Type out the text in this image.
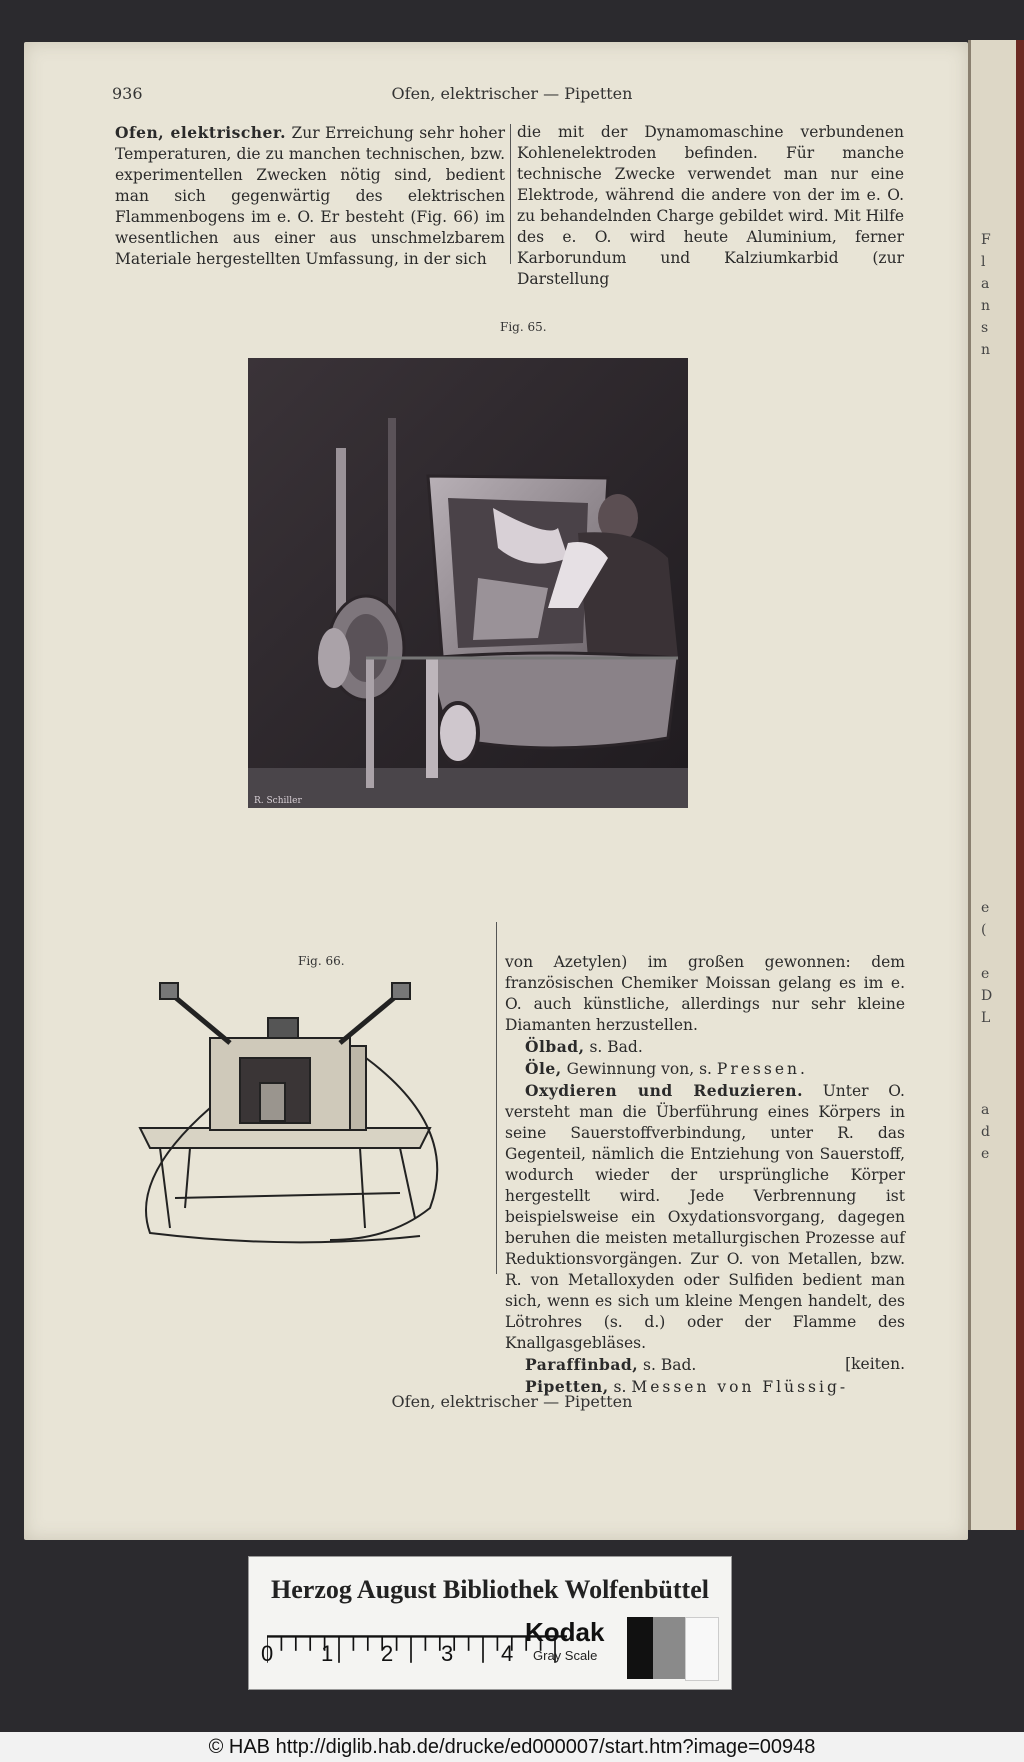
F
l
a
n
s
n
e
(
e
D
L
a
d
e
936	Ofen, elektrischer — Pipetten

Ofen, elektrischer. Zur Erreichung sehr hoher Temperaturen, die zu manchen technischen, bzw. experimentellen Zwecken nötig sind, bedient man sich gegenwärtig des elektrischen Flammenbogens im e. O. Er besteht (Fig. 66) im wesentlichen aus einer aus unschmelzbarem Materiale hergestellten Umfassung, in der sich

die mit der Dynamomaschine verbundenen Kohlenelektroden befinden. Für manche technische Zwecke verwendet man nur eine Elektrode, während die andere von der im e. O. zu behandelnden Charge gebildet wird. Mit Hilfe des e. O. wird heute Aluminium, ferner Karborundum und Kalziumkarbid (zur Darstellung

Fig. 65.
R. Schiller
Fig. 66.	von Azetylen) im großen gewonnen: dem französischen Chemiker Moissan gelang es im e. O. auch künstliche, allerdings nur sehr kleine Diamanten herzustellen.

Ölbad, s. Bad.

Öle, Gewinnung von, s. Pressen.

Oxydieren und Reduzieren. Unter O. versteht man die Überführung eines Körpers in seine Sauerstoffverbindung, unter R. das Gegenteil, nämlich die Entziehung von Sauerstoff, wodurch wieder der ursprüngliche Körper hergestellt wird. Jede Verbrennung ist beispielsweise ein Oxydationsvorgang, dagegen beruhen die meisten metallurgischen Prozesse auf Reduktionsvorgängen. Zur O. von Metallen, bzw. R. von Metalloxyden oder Sulfiden bedient man sich, wenn es sich um kleine Mengen handelt, des Lötrohres (s. d.) oder der Flamme des Knallgasgebläses.

Paraffinbad, s. Bad.	[keiten.

Pipetten, s. Messen von Flüssig-

Ofen, elektrischer — Pipetten
Herzog August Bibliothek Wolfenbüttel
0 1 2 3 4
Kodak
Gray Scale
© HAB http://diglib.hab.de/drucke/ed000007/start.htm?image=00948
